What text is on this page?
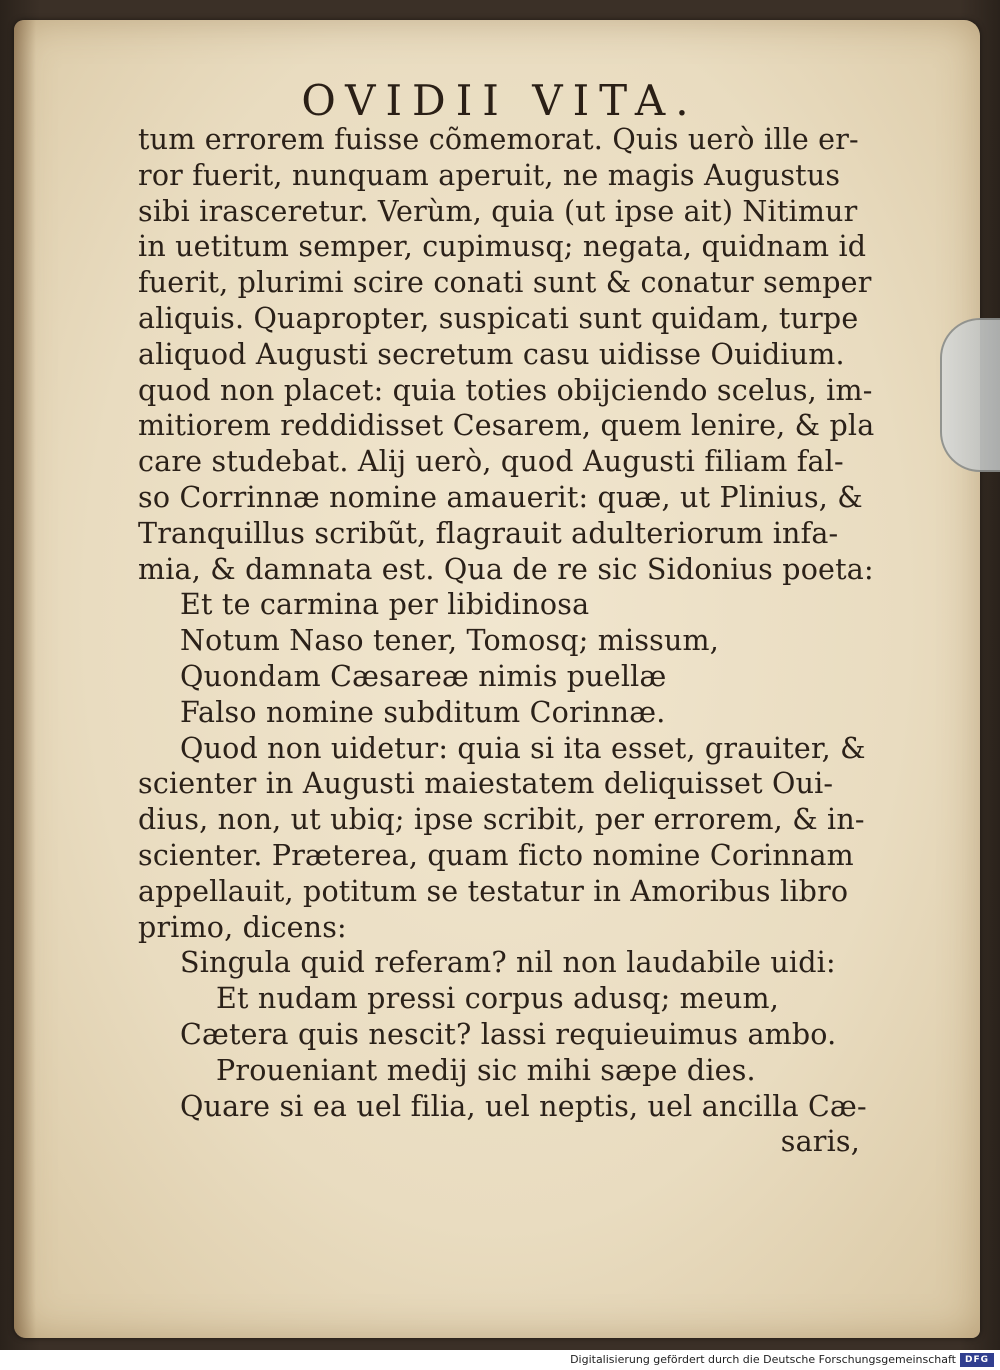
OVIDII VITA.
tum errorem fuisse cõmemorat. Quis uerò ille er-
ror fuerit, nunquam aperuit, ne magis Augustus
sibi irasceretur. Verùm, quia (ut ipse ait) Nitimur
in uetitum semper, cupimusq; negata, quidnam id
fuerit, plurimi scire conati sunt & conatur semper
aliquis. Quapropter, suspicati sunt quidam, turpe
aliquod Augusti secretum casu uidisse Ouidium.
quod non placet: quia toties obijciendo scelus, im-
mitiorem reddidisset Cesarem, quem lenire, & pla
care studebat. Alij uerò, quod Augusti filiam fal-
so Corrinnæ nomine amauerit: quæ, ut Plinius, &
Tranquillus scribũt, flagrauit adulteriorum infa-
mia, & damnata est. Qua de re sic Sidonius poeta:
Et te carmina per libidinosa
Notum Naso tener, Tomosq; missum,
Quondam Cæsareæ nimis puellæ
Falso nomine subditum Corinnæ.
Quod non uidetur: quia si ita esset, grauiter, &
scienter in Augusti maiestatem deliquisset Oui-
dius, non, ut ubiq; ipse scribit, per errorem, & in-
scienter. Præterea, quam ficto nomine Corinnam
appellauit, potitum se testatur in Amoribus libro
primo, dicens:
Singula quid referam? nil non laudabile uidi:
Et nudam pressi corpus adusq; meum,
Cætera quis nescit? lassi requieuimus ambo.
Proueniant medij sic mihi sæpe dies.
Quare si ea uel filia, uel neptis, uel ancilla Cæ-
saris,
Digitalisierung gefördert durch die Deutsche Forschungsgemeinschaft DFG
